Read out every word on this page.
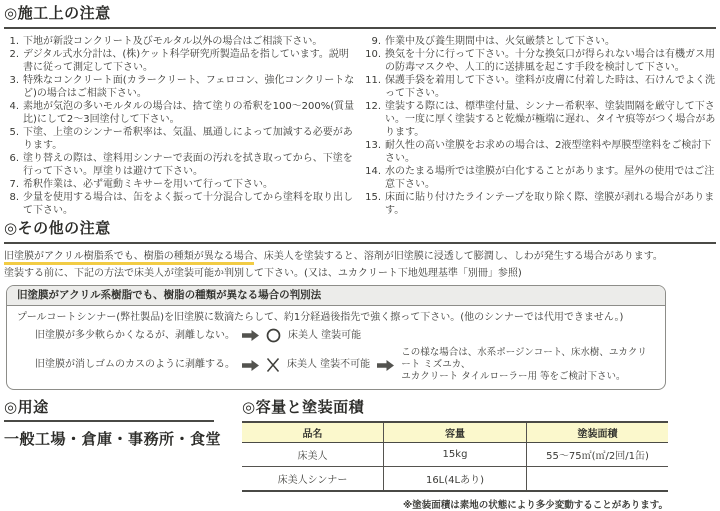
◎施工上の注意
1. 下地が新設コンクリート及びモルタル以外の場合はご相談下さい。
2. デジタル式水分計は、(株)ケット科学研究所製造品を指しています。説明書に従って測定して下さい。
3. 特殊なコンクリート面(カラークリート、フェロコン、強化コンクリートなど)の場合はご相談下さい。
4. 素地が気泡の多いモルタルの場合は、捨て塗りの希釈を100〜200%(質量比)にして2〜3回塗付して下さい。
5. 下塗、上塗のシンナー希釈率は、気温、風通しによって加減する必要があります。
6. 塗り替えの際は、塗料用シンナーで表面の汚れを拭き取ってから、下塗を行って下さい。厚塗りは避けて下さい。
7. 希釈作業は、必ず電動ミキサーを用いて行って下さい。
8. 少量を使用する場合は、缶をよく振って十分混合してから塗料を取り出して下さい。
9. 作業中及び養生期間中は、火気厳禁として下さい。
10. 換気を十分に行って下さい。十分な換気口が得られない場合は有機ガス用の防毒マスクや、人工的に送排風を起こす手段を検討して下さい。
11. 保護手袋を着用して下さい。塗料が皮膚に付着した時は、石けんでよく洗って下さい。
12. 塗装する際には、標準塗付量、シンナー希釈率、塗装間隔を厳守して下さい。一度に厚く塗装すると乾燥が極端に遅れ、タイヤ痕等がつく場合があります。
13. 耐久性の高い塗膜をお求めの場合は、2液型塗料や厚膜型塗料をご検討下さい。
14. 水のたまる場所では塗膜が白化することがあります。屋外の使用ではご注意下さい。
15. 床面に貼り付けたラインテープを取り除く際、塗膜が剥れる場合があります。
◎その他の注意
旧塗膜がアクリル樹脂系でも、樹脂の種類が異なる場合、床美人を塗装すると、溶剤が旧塗膜に浸透して膨潤し、しわが発生する場合があります。
塗装する前に、下記の方法で床美人が塗装可能か判別して下さい。(又は、ユカクリート下地処理基準「別冊」参照)
旧塗膜がアクリル系樹脂でも、樹脂の種類が異なる場合の判別法
プールコートシンナー(弊社製品)を旧塗膜に数滴たらして、約1分経過後指先で強く擦って下さい。(他のシンナーでは代用できません。)
旧塗膜が多少軟らかくなるが、剥離しない。	床美人 塗装可能
旧塗膜が消しゴムのカスのように剥離する。	床美人 塗装不可能
この様な場合は、水系ポージンコート、床水樹、ユカクリート ミズユカ、
ユカクリート タイルローラー用 等をご検討下さい。
◎用途
一般工場・倉庫・事務所・食堂
◎容量と塗装面積
品名	容量	塗装面積
床美人	15kg	55〜75㎡(㎡/2回/1缶)
床美人シンナー	16L(4Lあり)	
※塗装面積は素地の状態により多少変動することがあります。
